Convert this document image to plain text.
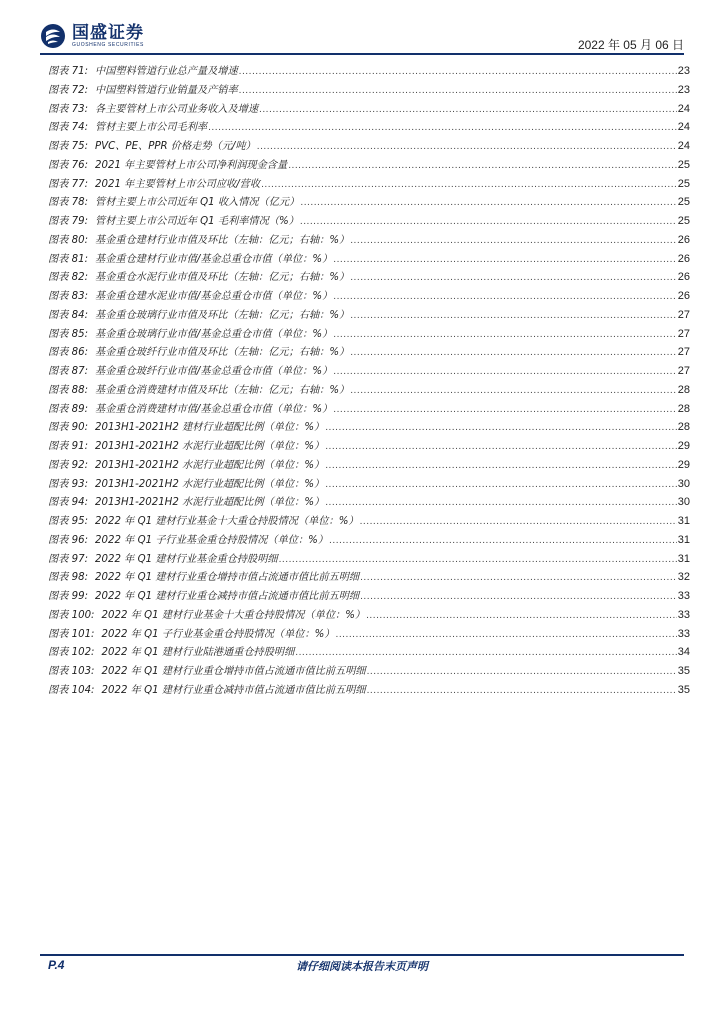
国盛证券
GUOSHENG SECURITIES	2022 年 05 月 06 日
图表 71: 中国塑料管道行业总产量及增速 .....	23
图表 72: 中国塑料管道行业销量及产销率 .....	23
图表 73: 各主要管材上市公司业务收入及增速 .....	24
图表 74: 管材主要上市公司毛利率 .....	24
图表 75: PVC、PE、PPR 价格走势（元/吨） .....	24
图表 76: 2021 年主要管材上市公司净利润现金含量 .....	25
图表 77: 2021 年主要管材上市公司应收/营收 .....	25
图表 78: 管材主要上市公司近年 Q1 收入情况（亿元） .....	25
图表 79: 管材主要上市公司近年 Q1 毛利率情况（%） .....	25
图表 80: 基金重仓建材行业市值及环比（左轴：亿元；右轴：%） .....	26
图表 81: 基金重仓建材行业市值/基金总重仓市值（单位：%） .....	26
图表 82: 基金重仓水泥行业市值及环比（左轴：亿元；右轴：%） .....	26
图表 83: 基金重仓建水泥业市值/基金总重仓市值（单位：%） .....	26
图表 84: 基金重仓玻璃行业市值及环比（左轴：亿元；右轴：%） .....	27
图表 85: 基金重仓玻璃行业市值/基金总重仓市值（单位：%） .....	27
图表 86: 基金重仓玻纤行业市值及环比（左轴：亿元；右轴：%） .....	27
图表 87: 基金重仓玻纤行业市值/基金总重仓市值（单位：%） .....	27
图表 88: 基金重仓消费建材市值及环比（左轴：亿元；右轴：%） .....	28
图表 89: 基金重仓消费建材市值/基金总重仓市值（单位：%） .....	28
图表 90: 2013H1-2021H2 建材行业超配比例（单位：%） .....	28
图表 91: 2013H1-2021H2 水泥行业超配比例（单位：%） .....	29
图表 92: 2013H1-2021H2 水泥行业超配比例（单位：%） .....	29
图表 93: 2013H1-2021H2 水泥行业超配比例（单位：%） .....	30
图表 94: 2013H1-2021H2 水泥行业超配比例（单位：%） .....	30
图表 95: 2022 年 Q1 建材行业基金十大重仓持股情况（单位：%） .....	31
图表 96: 2022 年 Q1 子行业基金重仓持股情况（单位：%） .....	31
图表 97: 2022 年 Q1 建材行业基金重仓持股明细 .....	31
图表 98: 2022 年 Q1 建材行业重仓增持市值占流通市值比前五明细 .....	32
图表 99: 2022 年 Q1 建材行业重仓减持市值占流通市值比前五明细 .....	33
图表 100: 2022 年 Q1 建材行业基金十大重仓持股情况（单位：%） .....	33
图表 101: 2022 年 Q1 子行业基金重仓持股情况（单位：%） .....	33
图表 102: 2022 年 Q1 建材行业陆港通重仓持股明细 .....	34
图表 103: 2022 年 Q1 建材行业重仓增持市值占流通市值比前五明细 .....	35
图表 104: 2022 年 Q1 建材行业重仓减持市值占流通市值比前五明细 .....	35
P.4	请仔细阅读本报告末页声明
